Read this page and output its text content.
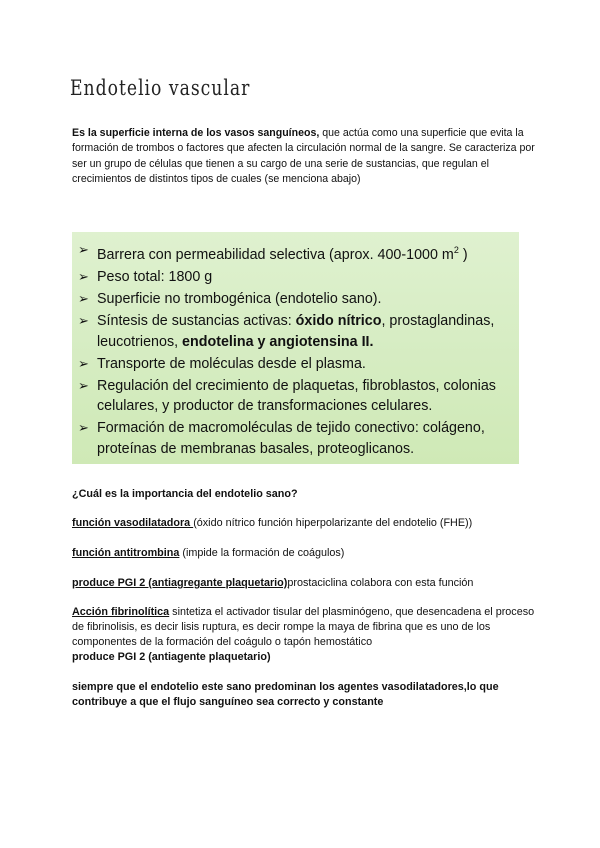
Endotelio vascular

Es la superficie interna de los vasos sanguíneos, que actúa como una superficie que evita la formación de trombos o factores que afecten la circulación normal de la sangre. Se caracteriza por ser un grupo de células que tienen a su cargo de una serie de sustancias, que regulan el crecimientos de distintos tipos de cuales (se menciona abajo)

➢ Barrera con permeabilidad selectiva (aprox. 400-1000 $m^2$ )
➢ Peso total: 1800 g
➢ Superficie no trombogénica (endotelio sano).
➢ Síntesis de sustancias activas: óxido nítrico, prostaglandinas, leucotrienos, endotelina y angiotensina II.
➢ Transporte de moléculas desde el plasma.
➢ Regulación del crecimiento de plaquetas, fibroblastos, colonias celulares, y productor de transformaciones celulares.
➢ Formación de macromoléculas de tejido conectivo: colágeno, proteínas de membranas basales, proteoglicanos.

¿Cuál es la importancia del endotelio sano?

función vasodilatadora (óxido nítrico función hiperpolarizante del endotelio (FHE))

función antitrombina (impide la formación de coágulos)

produce PGI 2 (antiagregante plaquetario)prostaciclina colabora con esta función

Acción fibrinolítica sintetiza el activador tisular del plasminógeno, que desencadena el proceso de fibrinolisis, es decir lisis ruptura, es decir rompe la maya de fibrina que es uno de los componentes de la formación del coágulo o tapón hemostático

produce PGI 2 (antiagente plaquetario)

siempre que el endotelio este sano predominan los agentes vasodilatadores,lo que contribuye a que el flujo sanguíneo sea correcto y constante
